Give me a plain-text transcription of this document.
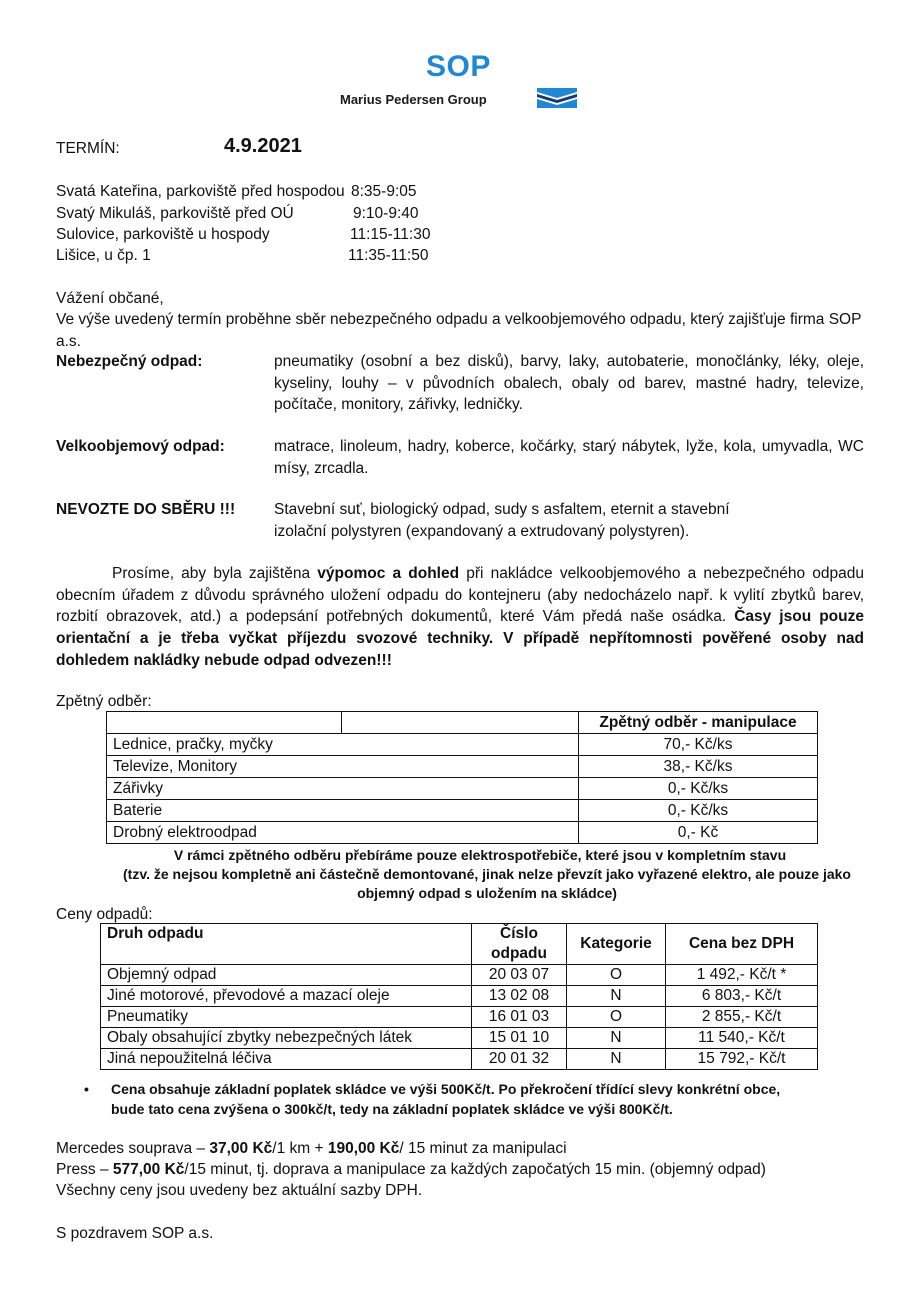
SOP
Marius Pedersen Group
TERMÍN:	4.9.2021
Svatá Kateřina, parkoviště před hospodou 8:35-9:05
Svatý Mikuláš, parkoviště před OÚ	9:10-9:40
Sulovice, parkoviště u hospody	11:15-11:30
Lišice, u čp. 1	11:35-11:50
Vážení občané,
Ve výše uvedený termín proběhne sběr nebezpečného odpadu a velkoobjemového odpadu, který zajišťuje firma SOP a.s.
Nebezpečný odpad:	pneumatiky (osobní a bez disků), barvy, laky, autobaterie, monočlánky, léky, oleje, kyseliny, louhy – v původních obalech, obaly od barev, mastné hadry, televize, počítače, monitory, zářivky, ledničky.
Velkoobjemový odpad:	matrace, linoleum, hadry, koberce, kočárky, starý nábytek, lyže, kola, umyvadla, WC mísy, zrcadla.
NEVOZTE DO SBĚRU !!!	Stavební suť, biologický odpad, sudy s asfaltem, eternit a stavební izolační polystyren (expandovaný a extrudovaný polystyren).
Prosíme, aby byla zajištěna výpomoc a dohled při nakládce velkoobjemového a nebezpečného odpadu obecním úřadem z důvodu správného uložení odpadu do kontejneru (aby nedocházelo např. k vylití zbytků barev, rozbití obrazovek, atd.) a podepsání potřebných dokumentů, které Vám předá naše osádka. Časy jsou pouze orientační a je třeba vyčkat příjezdu svozové techniky. V případě nepřítomnosti pověřené osoby nad dohledem nakládky nebude odpad odvezen!!!
Zpětný odběr:
		Zpětný odběr - manipulace
Lednice, pračky, myčky		70,- Kč/ks
Televize, Monitory		38,- Kč/ks
Zářivky		0,- Kč/ks
Baterie		0,- Kč/ks
Drobný elektroodpad		0,- Kč
V rámci zpětného odběru přebíráme pouze elektrospotřebiče, které jsou v kompletním stavu
(tzv. že nejsou kompletně ani částečně demontované, jinak nelze převzít jako vyřazené elektro, ale pouze jako objemný odpad s uložením na skládce)
Ceny odpadů:
Druh odpadu	Číslo odpadu	Kategorie	Cena bez DPH
Objemný odpad	20 03 07	O	1 492,- Kč/t *
Jiné motorové, převodové a mazací oleje	13 02 08	N	6 803,- Kč/t
Pneumatiky	16 01 03	O	2 855,- Kč/t
Obaly obsahující zbytky nebezpečných látek	15 01 10	N	11 540,- Kč/t
Jiná nepoužitelná léčiva	20 01 32	N	15 792,- Kč/t
• Cena obsahuje základní poplatek skládce ve výši 500Kč/t. Po překročení třídící slevy konkrétní obce, bude tato cena zvýšena o 300kč/t, tedy na základní poplatek skládce ve výši 800Kč/t.
Mercedes souprava – 37,00 Kč/1 km + 190,00 Kč/ 15 minut za manipulaci
Press – 577,00 Kč/15 minut, tj. doprava a manipulace za každých započatých 15 min. (objemný odpad)
Všechny ceny jsou uvedeny bez aktuální sazby DPH.
S pozdravem SOP a.s.
